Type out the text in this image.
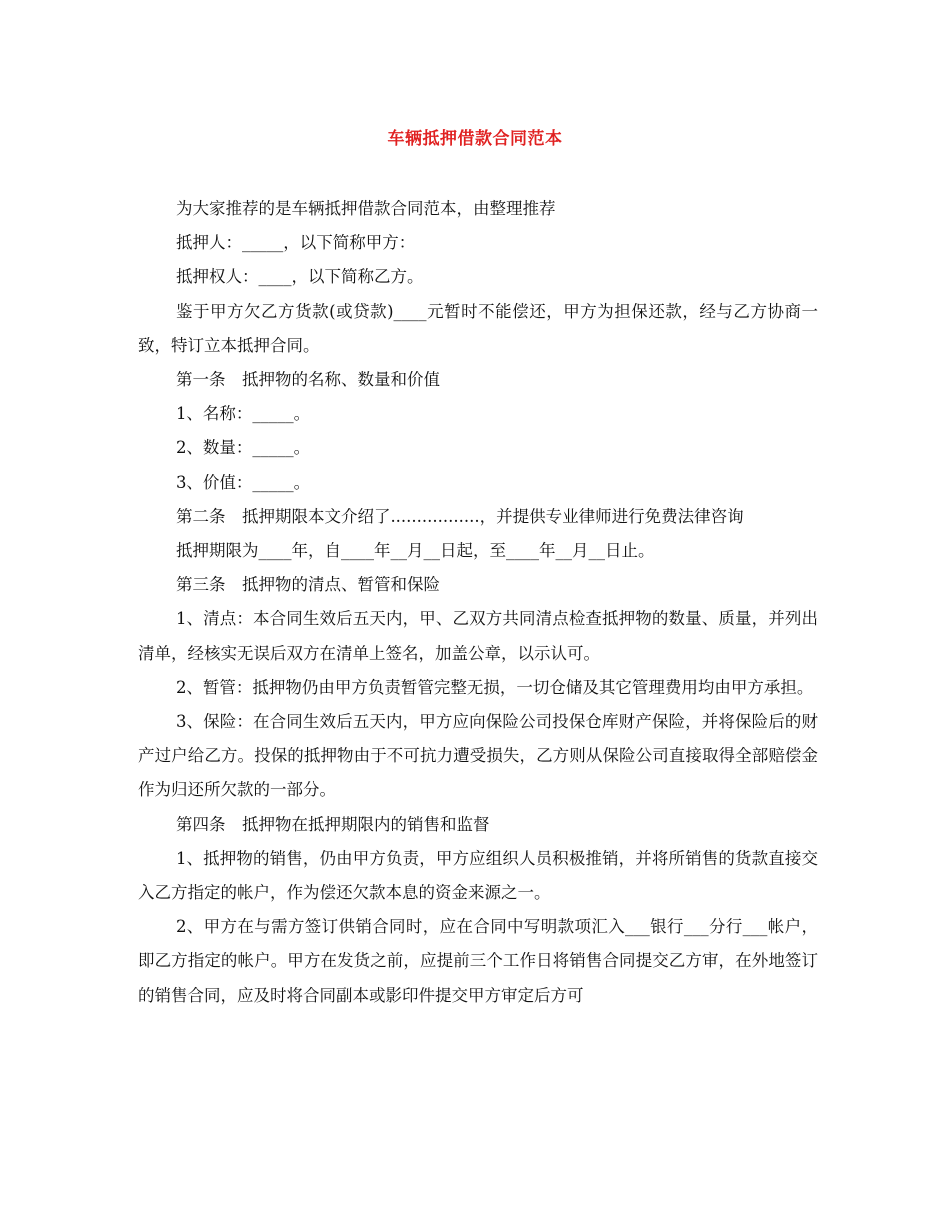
车辆抵押借款合同范本

为大家推荐的是车辆抵押借款合同范本，由整理推荐

抵押人：_____，以下简称甲方：

抵押权人：____，以下简称乙方。

鉴于甲方欠乙方货款(或贷款)____元暂时不能偿还，甲方为担保还款，经与乙方协商一致，特订立本抵押合同。

第一条　抵押物的名称、数量和价值

1、名称：_____。

2、数量：_____。

3、价值：_____。

第二条　抵押期限本文介绍了.................，并提供专业律师进行免费法律咨询

抵押期限为____年，自____年__月__日起，至____年__月__日止。

第三条　抵押物的清点、暂管和保险

1、清点：本合同生效后五天内，甲、乙双方共同清点检查抵押物的数量、质量，并列出清单，经核实无误后双方在清单上签名，加盖公章，以示认可。

2、暂管：抵押物仍由甲方负责暂管完整无损，一切仓储及其它管理费用均由甲方承担。

3、保险：在合同生效后五天内，甲方应向保险公司投保仓库财产保险，并将保险后的财产过户给乙方。投保的抵押物由于不可抗力遭受损失，乙方则从保险公司直接取得全部赔偿金作为归还所欠款的一部分。

第四条　抵押物在抵押期限内的销售和监督

1、抵押物的销售，仍由甲方负责，甲方应组织人员积极推销，并将所销售的货款直接交入乙方指定的帐户，作为偿还欠款本息的资金来源之一。

2、甲方在与需方签订供销合同时，应在合同中写明款项汇入___银行___分行___帐户，即乙方指定的帐户。甲方在发货之前，应提前三个工作日将销售合同提交乙方审，在外地签订的销售合同，应及时将合同副本或影印件提交甲方审定后方可
